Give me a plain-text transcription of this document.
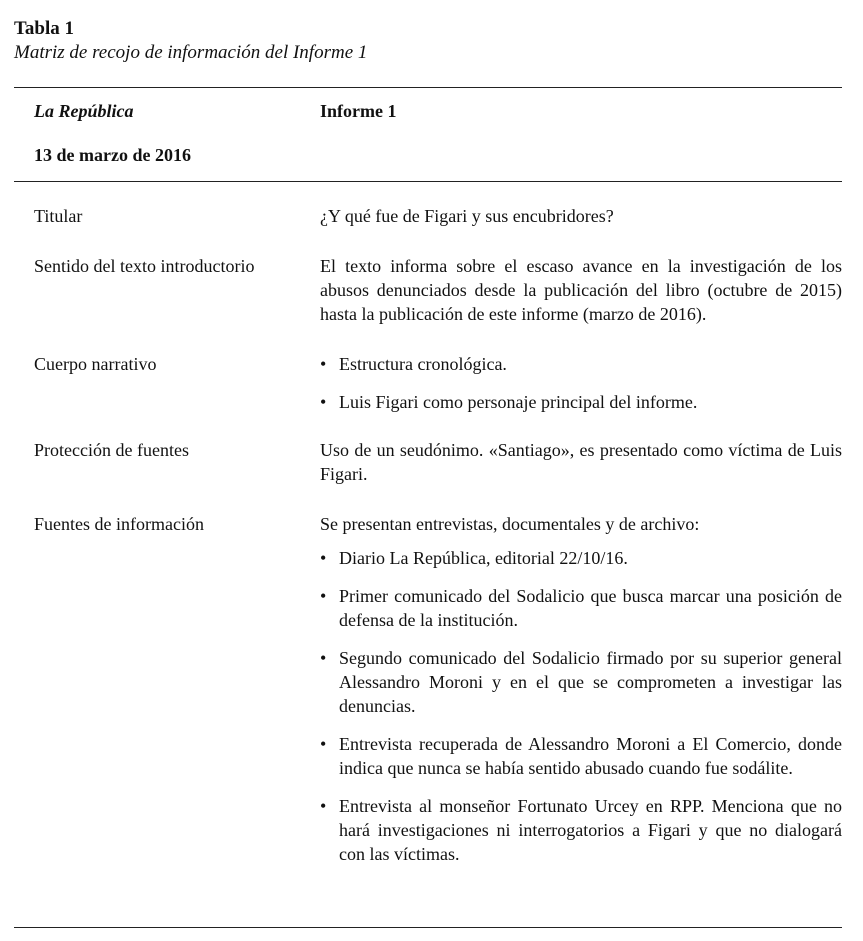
Tabla 1

Matriz de recojo de información del Informe 1

La República	Informe 1

13 de marzo de 2016

Titular	¿Y qué fue de Figari y sus encubridores?

Sentido del texto introductorio	El texto informa sobre el escaso avance en la investigación de los abusos denunciados desde la publicación del libro (octubre de 2015) hasta la publicación de este informe (marzo de 2016).

Cuerpo narrativo	• Estructura cronológica.
• Luis Figari como personaje principal del informe.

Protección de fuentes	Uso de un seudónimo. «Santiago», es presentado como víctima de Luis Figari.

Fuentes de información	Se presentan entrevistas, documentales y de archivo:

• Diario La República, editorial 22/10/16.
• Primer comunicado del Sodalicio que busca marcar una posición de defensa de la institución.
• Segundo comunicado del Sodalicio firmado por su superior general Alessandro Moroni y en el que se comprometen a investigar las denuncias.
• Entrevista recuperada de Alessandro Moroni a El Comercio, donde indica que nunca se había sentido abusado cuando fue sodálite.
• Entrevista al monseñor Fortunato Urcey en RPP. Menciona que no hará investigaciones ni interrogatorios a Figari y que no dialogará con las víctimas.
